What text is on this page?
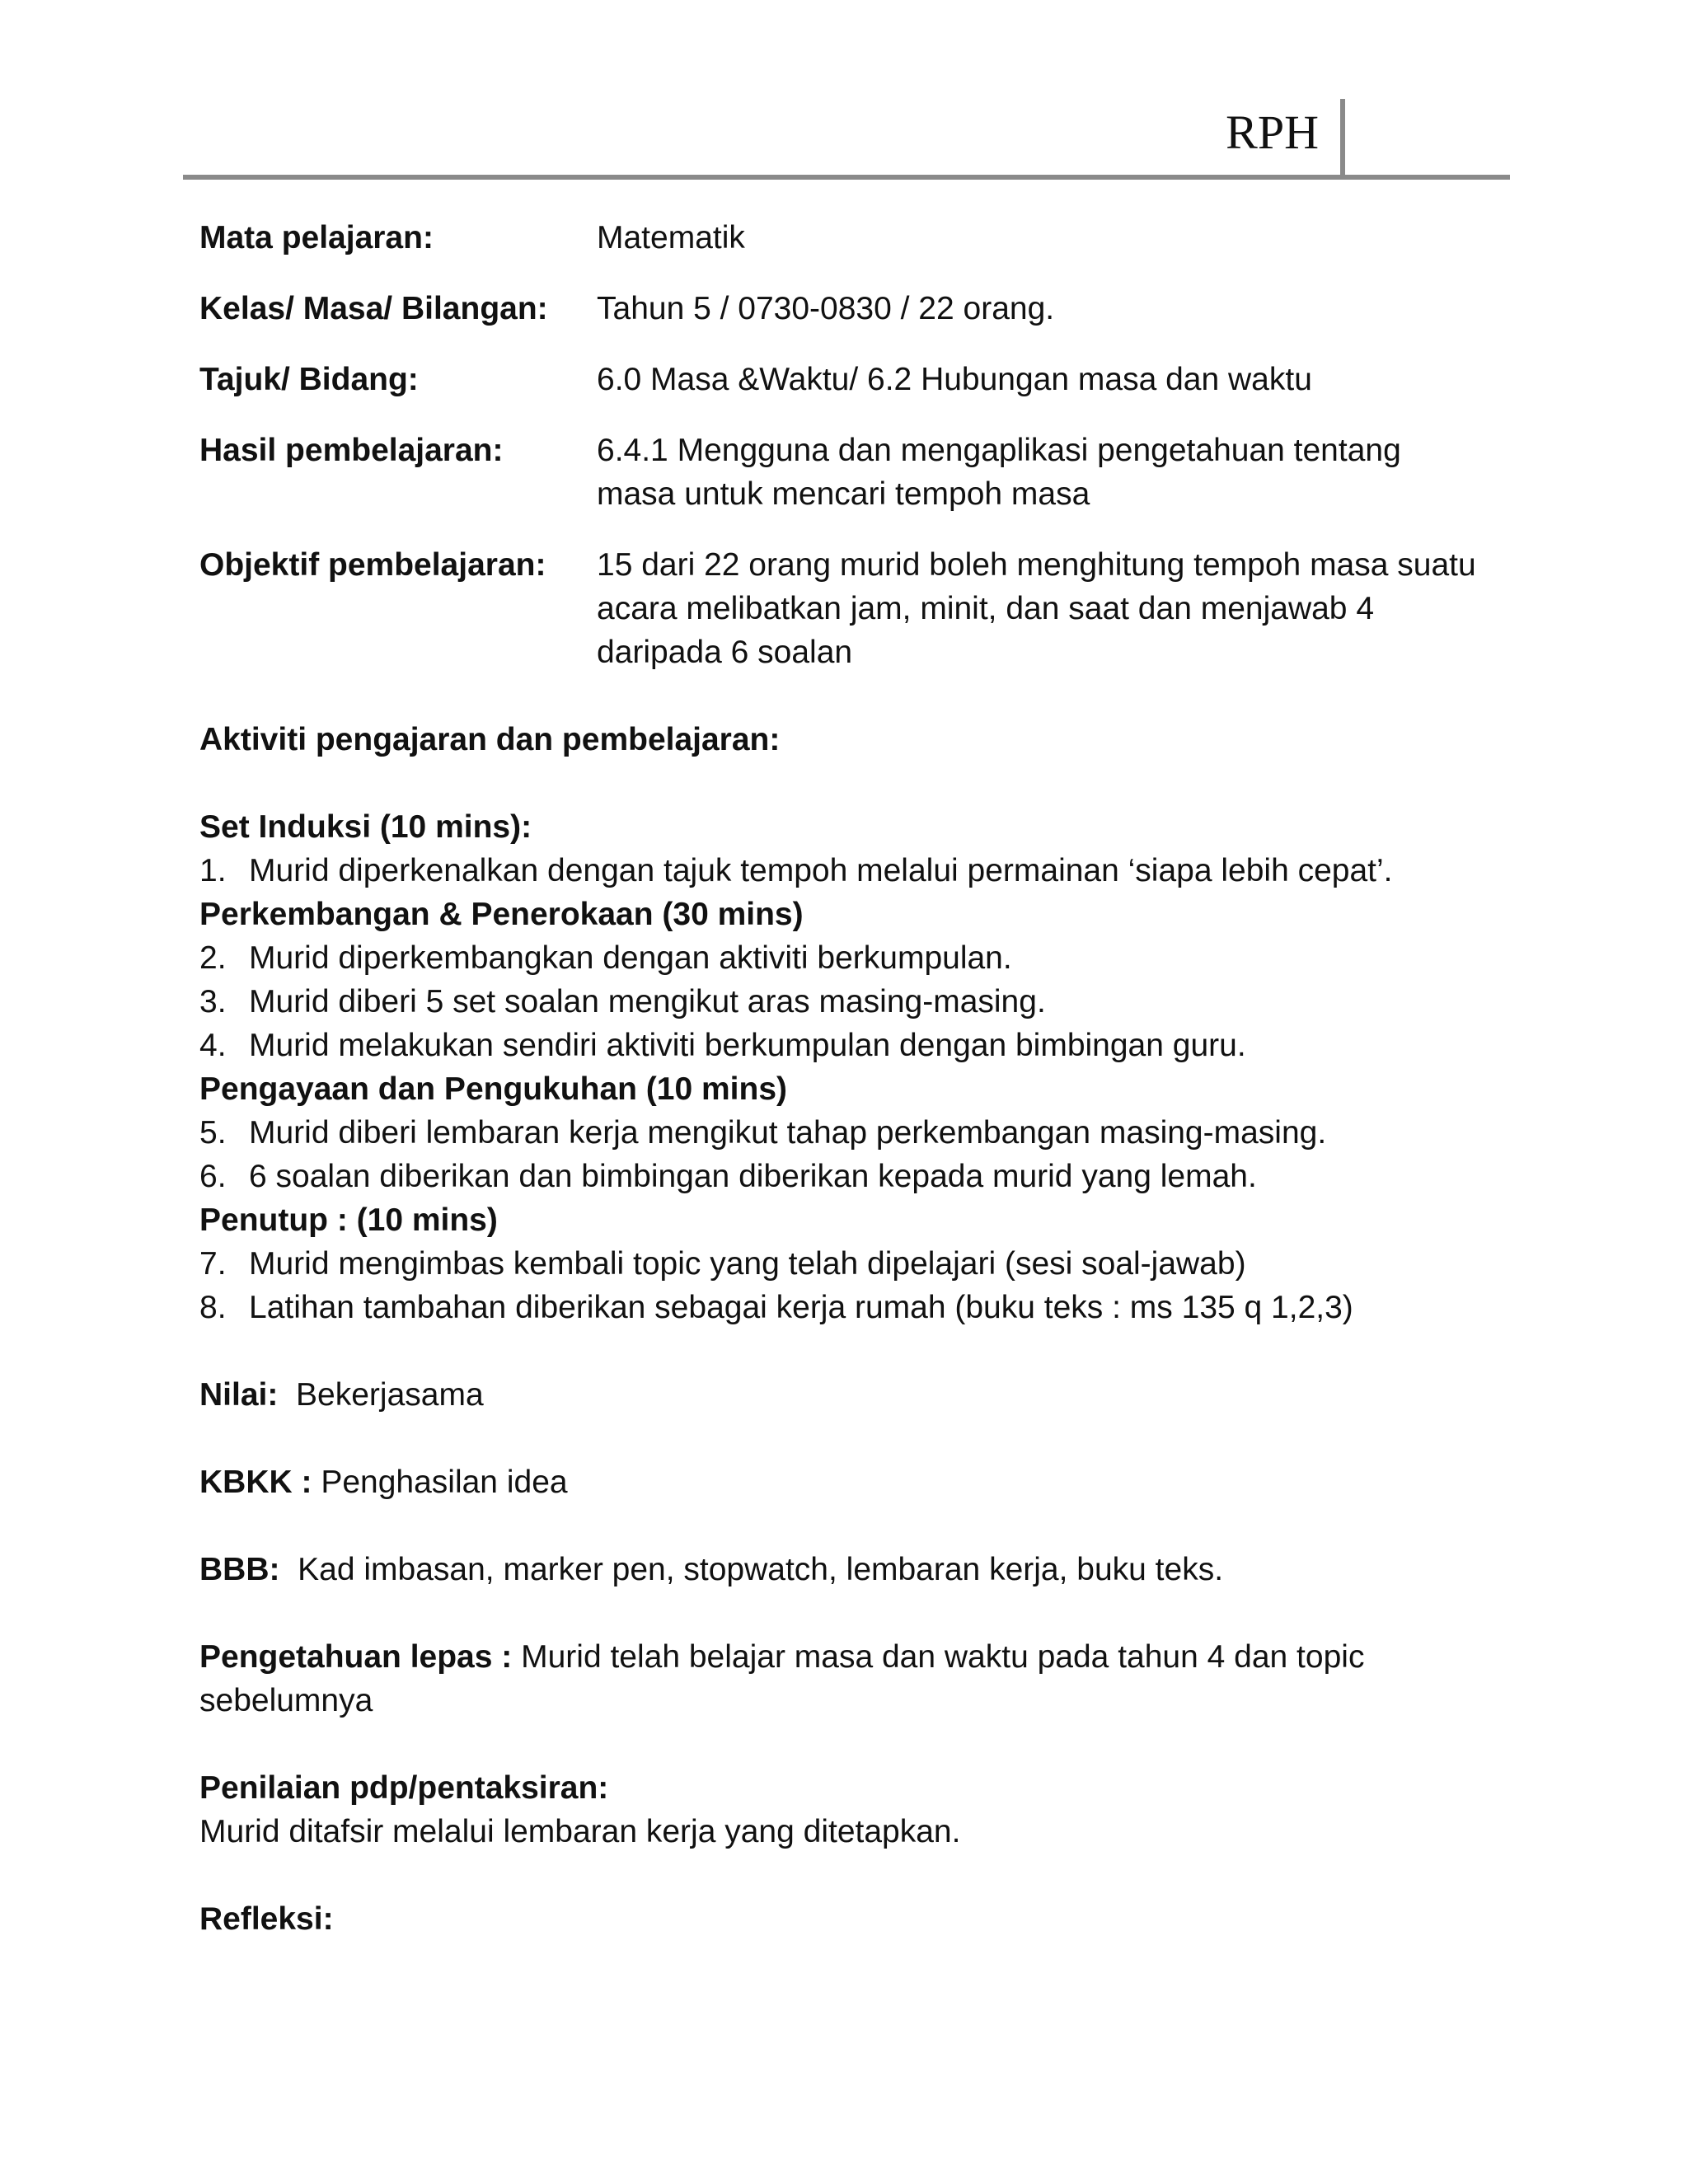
RPH
Mata pelajaran:	Matematik
Kelas/ Masa/ Bilangan:	Tahun 5 / 0730-0830 / 22 orang.
Tajuk/ Bidang:	6.0 Masa &Waktu/ 6.2 Hubungan masa dan waktu
Hasil pembelajaran:	6.4.1 Mengguna dan mengaplikasi pengetahuan tentang masa untuk mencari tempoh masa
Objektif pembelajaran:	15 dari 22 orang murid boleh menghitung tempoh masa suatu acara melibatkan jam, minit, dan saat dan menjawab 4 daripada 6 soalan

Aktiviti pengajaran dan pembelajaran:

Set Induksi (10 mins):

1. Murid diperkenalkan dengan tajuk tempoh melalui permainan ‘siapa lebih cepat’.

Perkembangan & Penerokaan (30 mins)

2. Murid diperkembangkan dengan aktiviti berkumpulan.
3. Murid diberi 5 set soalan mengikut aras masing-masing.
4. Murid melakukan sendiri aktiviti berkumpulan dengan bimbingan guru.

Pengayaan dan Pengukuhan (10 mins)

5. Murid diberi lembaran kerja mengikut tahap perkembangan masing-masing.
6. 6 soalan diberikan dan bimbingan diberikan kepada murid yang lemah.

Penutup : (10 mins)

7. Murid mengimbas kembali topic yang telah dipelajari (sesi soal-jawab)
8. Latihan tambahan diberikan sebagai kerja rumah (buku teks : ms 135 q 1,2,3)

Nilai: Bekerjasama

KBKK : Penghasilan idea

BBB: Kad imbasan, marker pen, stopwatch, lembaran kerja, buku teks.

Pengetahuan lepas : Murid telah belajar masa dan waktu pada tahun 4 dan topic sebelumnya

Penilaian pdp/pentaksiran:

Murid ditafsir melalui lembaran kerja yang ditetapkan.

Refleksi:
